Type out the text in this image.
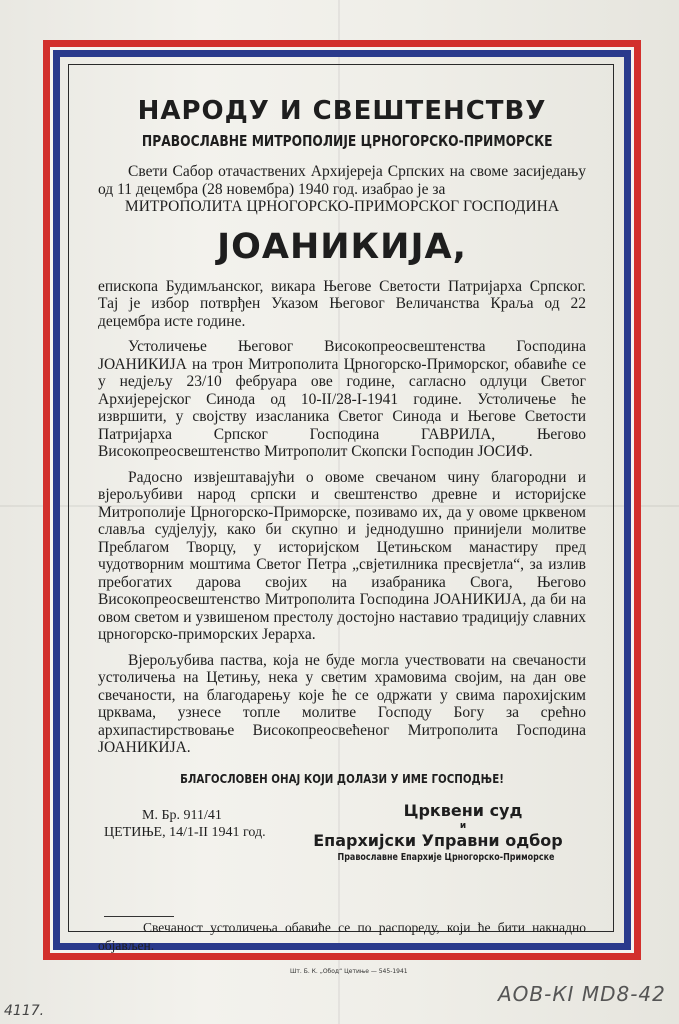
НАРОДУ И СВЕШТЕНСТВУ
ПРАВОСЛАВНЕ МИТРОПОЛИЈЕ ЦРНОГОРСКО-ПРИМОРСКЕ

Свети Сабор отачаствених Архијереја Српских на своме засиједању од 11 децембра (28 новембра) 1940 год. изабрао је за

МИТРОПОЛИТА ЦРНОГОРСКО-ПРИМОРСКОГ ГОСПОДИНА

ЈОАНИКИЈА,

епископа Будимљанског, викара Његове Светости Патријарха Српског. Тај је избор потврђен Указом Његовог Величанства Краља од 22 децембра исте године.

Устоличење Његовог Високопреосвештенства Господина ЈОАНИКИЈА на трон Митрополита Црногорско-Приморског, обавиће се у недјељу 23/10 фебруара ове године, сагласно одлуци Светог Архијерејског Синода од 10-II/28-I-1941 године. Устоличење ће извршити, у својству изасланика Светог Синода и Његове Светости Патријарха Српског Господина ГАВРИЛА, Његово Високопреосвештенство Митрополит Скопски Господин ЈОСИФ.

Радосно извјештавајући о овоме свечаном чину благородни и вјерољубиви народ српски и свештенство древне и историјске Митрополије Црногорско-Приморске, позивамо их, да у овоме црквеном славља судјелују, како би скупно и једнодушно принијели молитве Преблагом Творцу, у историјском Цетињском манастиру пред чудотворним моштима Светог Петра „свјетилника пресвјетла“, за излив пребогатих дарова својих на изабраника Свога, Његово Високопреосвештенство Митрополита Господина ЈОАНИКИЈА, да би на овом светом и узвишеном престолу достојно наставио традицију славних црногорско-приморских Јерарха.

Вјерољубива паства, која не буде могла учествовати на свечаности устоличења на Цетињу, нека у светим храмовима својим, на дан ове свечаности, на благодарењу које ће се одржати у свима парохијским црквама, узнесе топле молитве Господу Богу за срећно архипастирствовање Високопреосвећеног Митрополита Господина ЈОАНИКИЈА.

БЛАГОСЛОВЕН ОНАЈ КОЈИ ДОЛАЗИ У ИМЕ ГОСПОДЊЕ!
М. Бр. 911/41
ЦЕТИЊЕ, 14/1-II 1941 год.
Црквени суд
и
Епархијски Управни одбор
Православне Епархије Црногорско-Приморске

Свечаност устоличења обавиће се по распореду, који ће бити накнадно објављен.

Шт. Б. К. „Обод“ Цетиње — 545-1941
АОВ-КI МD8-42
4117.
